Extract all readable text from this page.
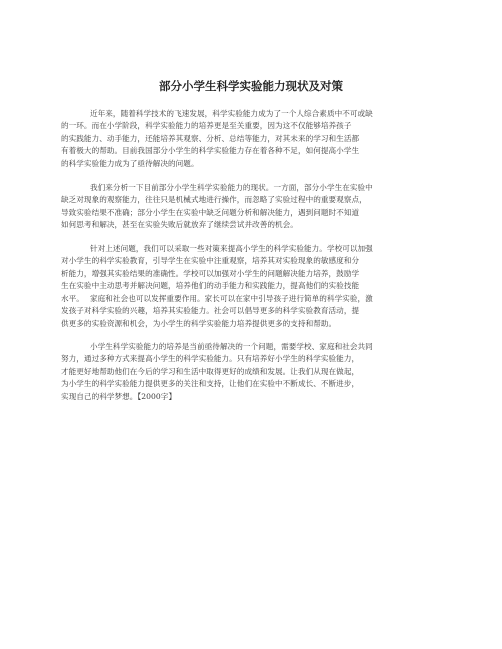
部分小学生科学实验能力现状及对策
近年来，随着科学技术的飞速发展，科学实验能力成为了一个人综合素质中不可或缺
的一环。而在小学阶段，科学实验能力的培养更是至关重要，因为这不仅能够培养孩子
的实践能力、动手能力，还能培养其观察、分析、总结等能力，对其未来的学习和生活都
有着极大的帮助。目前我国部分小学生的科学实验能力存在着各种不足，如何提高小学生
的科学实验能力成为了亟待解决的问题。
我们来分析一下目前部分小学生科学实验能力的现状。一方面，部分小学生在实验中
缺乏对现象的观察能力，往往只是机械式地进行操作，而忽略了实验过程中的重要观察点，
导致实验结果不准确；部分小学生在实验中缺乏问题分析和解决能力，遇到问题时不知道
如何思考和解决，甚至在实验失败后就放弃了继续尝试并改善的机会。
针对上述问题，我们可以采取一些对策来提高小学生的科学实验能力。学校可以加强
对小学生的科学实验教育，引导学生在实验中注重观察，培养其对实验现象的敏感度和分
析能力，增强其实验结果的准确性。学校可以加强对小学生的问题解决能力培养，鼓励学
生在实验中主动思考并解决问题，培养他们的动手能力和实践能力，提高他们的实验技能
水平。 家庭和社会也可以发挥重要作用。家长可以在家中引导孩子进行简单的科学实验，激
发孩子对科学实验的兴趣，培养其实验能力。社会可以倡导更多的科学实验教育活动，提
供更多的实验资源和机会，为小学生的科学实验能力培养提供更多的支持和帮助。
小学生科学实验能力的培养是当前亟待解决的一个问题，需要学校、家庭和社会共同
努力，通过多种方式来提高小学生的科学实验能力。只有培养好小学生的科学实验能力，
才能更好地帮助他们在今后的学习和生活中取得更好的成绩和发展。让我们从现在做起，
为小学生的科学实验能力提供更多的关注和支持，让他们在实验中不断成长、不断进步，
实现自己的科学梦想。【2000字】
